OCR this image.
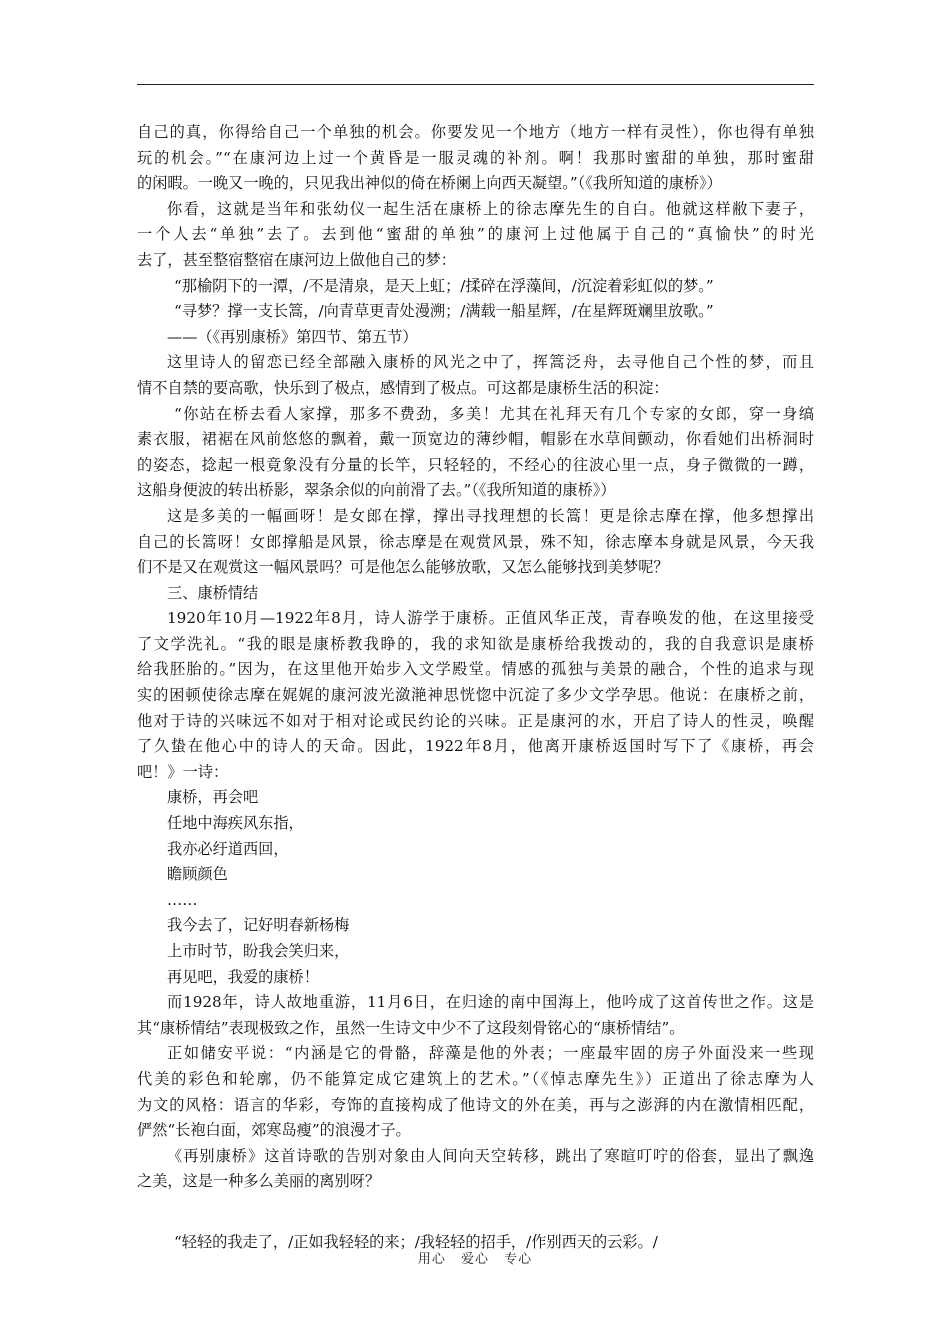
自己的真，你得给自己一个单独的机会。你要发见一个地方（地方一样有灵性），你也得有单独
玩的机会。”“在康河边上过一个黄昏是一服灵魂的补剂。啊！我那时蜜甜的单独，那时蜜甜
的闲暇。一晚又一晚的，只见我出神似的倚在桥阑上向西天凝望。”（《我所知道的康桥》）
你看，这就是当年和张幼仪一起生活在康桥上的徐志摩先生的自白。他就这样敝下妻子，
一个人去“单独”去了。去到他“蜜甜的单独”的康河上过他属于自己的“真愉快”的时光
去了，甚至整宿整宿在康河边上做他自己的梦：
“那榆阴下的一潭，/不是清泉，是天上虹；/揉碎在浮藻间，/沉淀着彩虹似的梦。”
“寻梦？撑一支长篙，/向青草更青处漫溯；/满载一船星辉，/在星辉斑斓里放歌。”
——（《再别康桥》第四节、第五节）
这里诗人的留恋已经全部融入康桥的风光之中了，挥篙泛舟，去寻他自己个性的梦，而且
情不自禁的要高歌，快乐到了极点，感情到了极点。可这都是康桥生活的积淀：
“你站在桥去看人家撑，那多不费劲，多美！尤其在礼拜天有几个专家的女郎，穿一身缟
素衣服，裙裾在风前悠悠的飘着，戴一顶宽边的薄纱帽，帽影在水草间颤动，你看她们出桥洞时
的姿态，捻起一根竟象没有分量的长竿，只轻轻的，不经心的往波心里一点，身子微微的一蹲，
这船身便波的转出桥影，翠条余似的向前滑了去。”（《我所知道的康桥》）
这是多美的一幅画呀！是女郎在撑，撑出寻找理想的长篙！更是徐志摩在撑，他多想撑出
自己的长篙呀！女郎撑船是风景，徐志摩是在观赏风景，殊不知，徐志摩本身就是风景，今天我
们不是又在观赏这一幅风景吗？可是他怎么能够放歌，又怎么能够找到美梦呢？
三、康桥情结
1920年10月—1922年8月，诗人游学于康桥。正值风华正茂，青春唤发的他，在这里接受
了文学洗礼。“我的眼是康桥教我睁的，我的求知欲是康桥给我拨动的，我的自我意识是康桥
给我胚胎的。”因为，在这里他开始步入文学殿堂。情感的孤独与美景的融合，个性的追求与现
实的困顿使徐志摩在娓娓的康河波光潋滟神思恍惚中沉淀了多少文学孕思。他说：在康桥之前，
他对于诗的兴味远不如对于相对论或民约论的兴味。正是康河的水，开启了诗人的性灵，唤醒
了久蛰在他心中的诗人的天命。因此，1922年8月，他离开康桥返国时写下了《康桥，再会
吧！》一诗：
康桥，再会吧
任地中海疾风东指，
我亦必纡道西回，
瞻顾颜色
……
我今去了，记好明春新杨梅
上市时节，盼我会笑归来，
再见吧，我爱的康桥！
而1928年，诗人故地重游，11月6日，在归途的南中国海上，他吟成了这首传世之作。这是
其“康桥情结”表现极致之作，虽然一生诗文中少不了这段刻骨铭心的“康桥情结”。
正如储安平说：“内涵是它的骨骼，辞藻是他的外表；一座最牢固的房子外面没来一些现
代美的彩色和轮廓，仍不能算定成它建筑上的艺术。”（《悼志摩先生》）正道出了徐志摩为人
为文的风格：语言的华彩，夸饰的直接构成了他诗文的外在美，再与之澎湃的内在激情相匹配，
俨然“长袍白面，郊寒岛瘦”的浪漫才子。
《再别康桥》这首诗歌的告别对象由人间向天空转移，跳出了寒暄叮咛的俗套，显出了飘逸
之美，这是一种多么美丽的离别呀？
“轻轻的我走了，/正如我轻轻的来；/我轻轻的招手，/作别西天的云彩。/
用心 爱心 专心
